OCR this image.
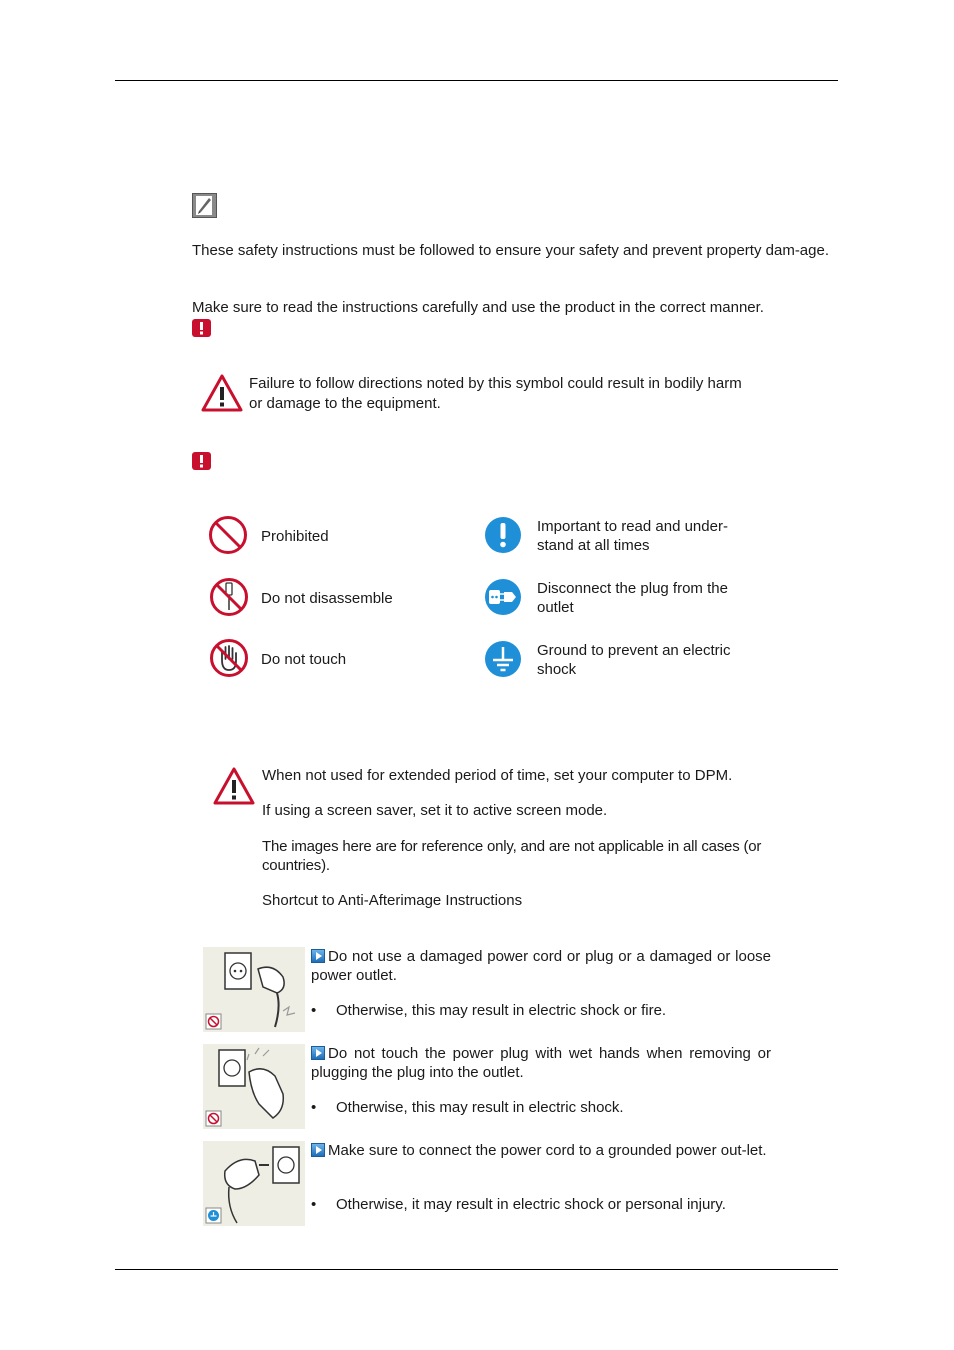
These safety instructions must be followed to ensure your safety and prevent property dam-age.

Make sure to read the instructions carefully and use the product in the correct manner.

Failure to follow directions noted by this symbol could result in bodily harm or damage to the equipment.

Prohibited
Do not disassemble
Do not touch

Important to read and under-stand at all times

Disconnect the plug from the outlet

Ground to prevent an electric shock

When not used for extended period of time, set your computer to DPM.

If using a screen saver, set it to active screen mode.

The images here are for reference only, and are not applicable in all cases (or countries).

Shortcut to Anti-Afterimage Instructions

Do not use a damaged power cord or plug or a damaged or loose power outlet.

• Otherwise, this may result in electric shock or fire.

Do not touch the power plug with wet hands when removing or plugging the plug into the outlet.

• Otherwise, this may result in electric shock.

Make sure to connect the power cord to a grounded power out-let.

• Otherwise, it may result in electric shock or personal injury.
